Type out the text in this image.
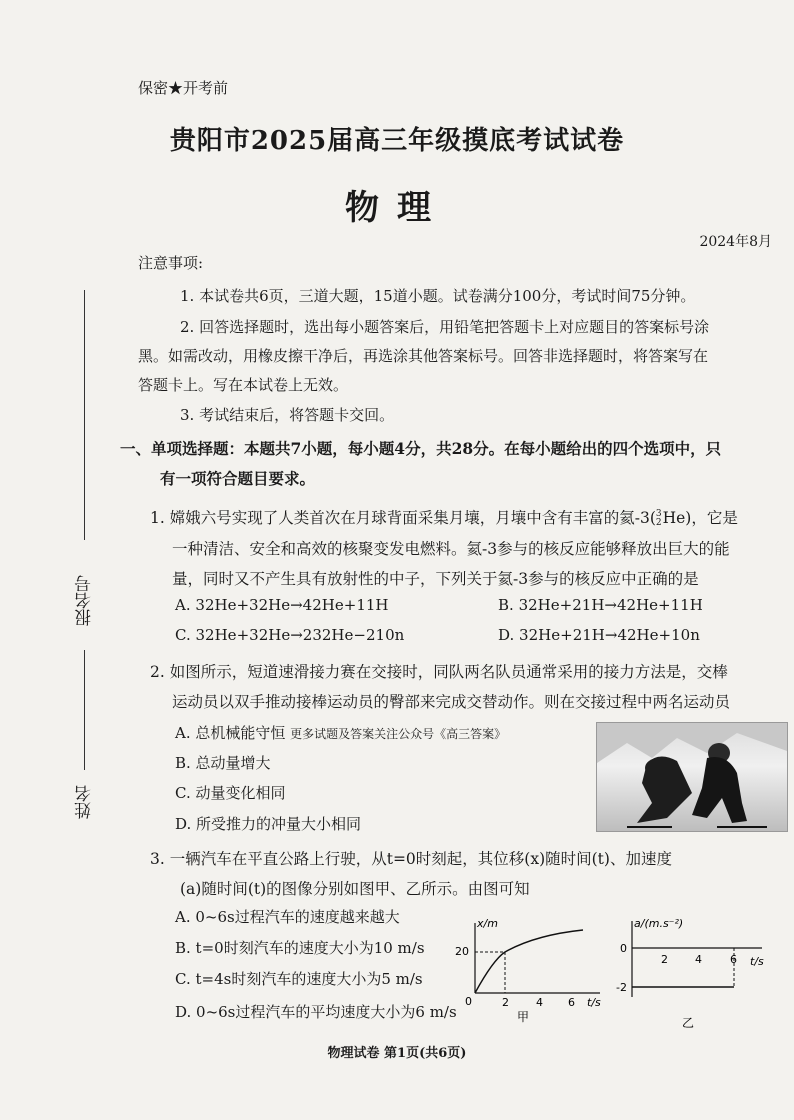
保密★开考前
贵阳市2025届高三年级摸底考试试卷
物理
2024年8月
注意事项:
1. 本试卷共6页，三道大题，15道小题。试卷满分100分，考试时间75分钟。
2. 回答选择题时，选出每小题答案后，用铅笔把答题卡上对应题目的答案标号涂
黑。如需改动，用橡皮擦干净后，再选涂其他答案标号。回答非选择题时，将答案写在
答题卡上。写在本试卷上无效。
3. 考试结束后，将答题卡交回。
一、单项选择题：本题共7小题，每小题4分，共28分。在每小题给出的四个选项中，只
有一项符合题目要求。
1. 嫦娥六号实现了人类首次在月球背面采集月壤，月壤中含有丰富的氦-3( 3
2 He)，它是
一种清洁、安全和高效的核聚变发电燃料。氦-3参与的核反应能够释放出巨大的能
量，同时又不产生具有放射性的中子，下列关于氦-3参与的核反应中正确的是
A. 32He+32He→42He+11H	B. 32He+21H→42He+11H
C. 32He+32He→232He−210n	D. 32He+21H→42He+10n
2. 如图所示，短道速滑接力赛在交接时，同队两名队员通常采用的接力方法是，交棒
运动员以双手推动接棒运动员的臀部来完成交替动作。则在交接过程中两名运动员
A. 总机械能守恒 更多试题及答案关注公众号《高三答案》
B. 总动量增大
C. 动量变化相同
D. 所受推力的冲量大小相同
3. 一辆汽车在平直公路上行驶，从t=0时刻起，其位移(x)随时间(t)、加速度
(a)随时间(t)的图像分别如图甲、乙所示。由图可知
A. 0~6s过程汽车的速度越来越大
B. t=0时刻汽车的速度大小为10 m/s
C. t=4s时刻汽车的速度大小为5 m/s
D. 0~6s过程汽车的平均速度大小为6 m/s
x/m
20
0	2 4 6 t/s
甲
a/(m.s⁻²)
0
-2
2 4	6 t/s
乙
报名号
姓名
物理试卷 第1页(共6页)
